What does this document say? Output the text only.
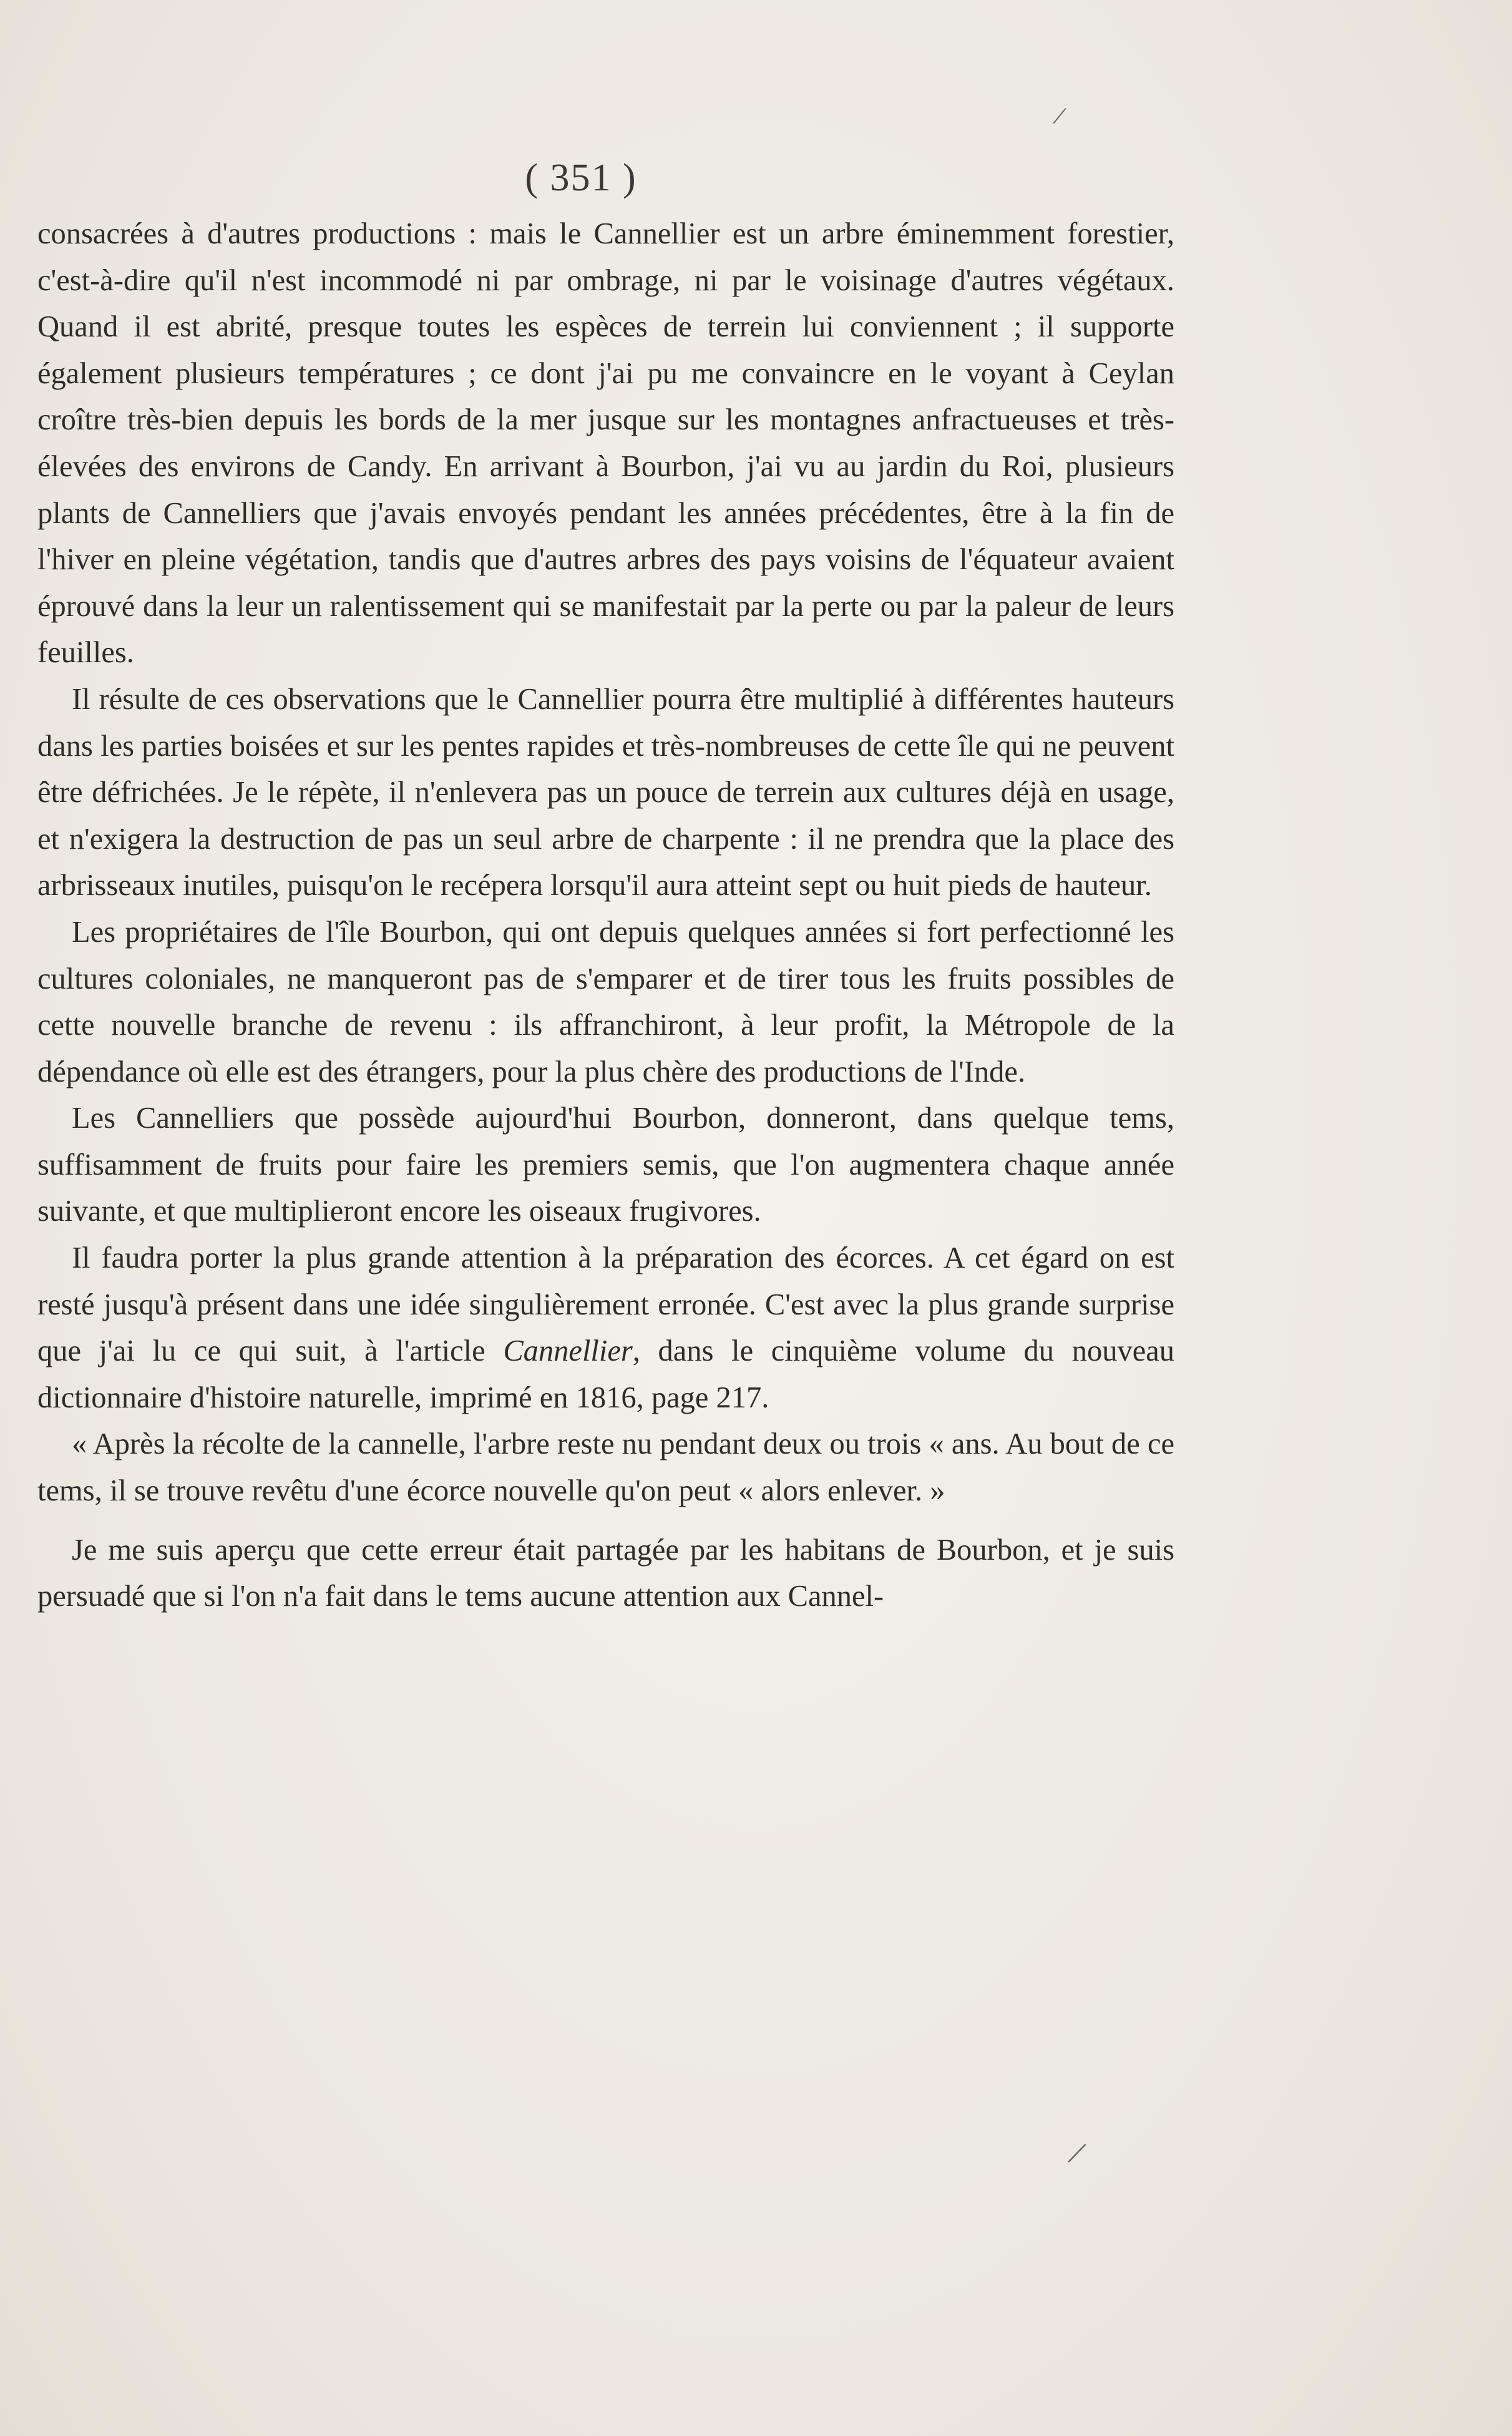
/
( 351 )

consacrées à d'autres productions : mais le Cannellier est un arbre éminemment forestier, c'est-à-dire qu'il n'est incommodé ni par ombrage, ni par le voisinage d'autres végétaux. Quand il est abrité, presque toutes les espèces de terrein lui conviennent ; il supporte également plusieurs températures ; ce dont j'ai pu me convaincre en le voyant à Ceylan croître très-bien depuis les bords de la mer jusque sur les montagnes anfractueuses et très-élevées des environs de Candy. En arrivant à Bourbon, j'ai vu au jardin du Roi, plusieurs plants de Cannelliers que j'avais envoyés pendant les années précédentes, être à la fin de l'hiver en pleine végétation, tandis que d'autres arbres des pays voisins de l'équateur avaient éprouvé dans la leur un ralentissement qui se manifestait par la perte ou par la paleur de leurs feuilles.

Il résulte de ces observations que le Cannellier pourra être multiplié à différentes hauteurs dans les parties boisées et sur les pentes rapides et très-nombreuses de cette île qui ne peuvent être défrichées. Je le répète, il n'enlevera pas un pouce de terrein aux cultures déjà en usage, et n'exigera la destruction de pas un seul arbre de charpente : il ne prendra que la place des arbrisseaux inutiles, puisqu'on le recépera lorsqu'il aura atteint sept ou huit pieds de hauteur.

Les propriétaires de l'île Bourbon, qui ont depuis quelques années si fort perfectionné les cultures coloniales, ne manqueront pas de s'emparer et de tirer tous les fruits possibles de cette nouvelle branche de revenu : ils affranchiront, à leur profit, la Métropole de la dépendance où elle est des étrangers, pour la plus chère des productions de l'Inde.

Les Cannelliers que possède aujourd'hui Bourbon, donneront, dans quelque tems, suffisamment de fruits pour faire les premiers semis, que l'on augmentera chaque année suivante, et que multiplieront encore les oiseaux frugivores.

Il faudra porter la plus grande attention à la préparation des écorces. A cet égard on est resté jusqu'à présent dans une idée singulièrement erronée. C'est avec la plus grande surprise que j'ai lu ce qui suit, à l'article Cannellier, dans le cinquième volume du nouveau dictionnaire d'histoire naturelle, imprimé en 1816, page 217.

« Après la récolte de la cannelle, l'arbre reste nu pendant deux ou trois « ans. Au bout de ce tems, il se trouve revêtu d'une écorce nouvelle qu'on peut « alors enlever. »

Je me suis aperçu que cette erreur était partagée par les habitans de Bourbon, et je suis persuadé que si l'on n'a fait dans le tems aucune attention aux Cannel-

/
